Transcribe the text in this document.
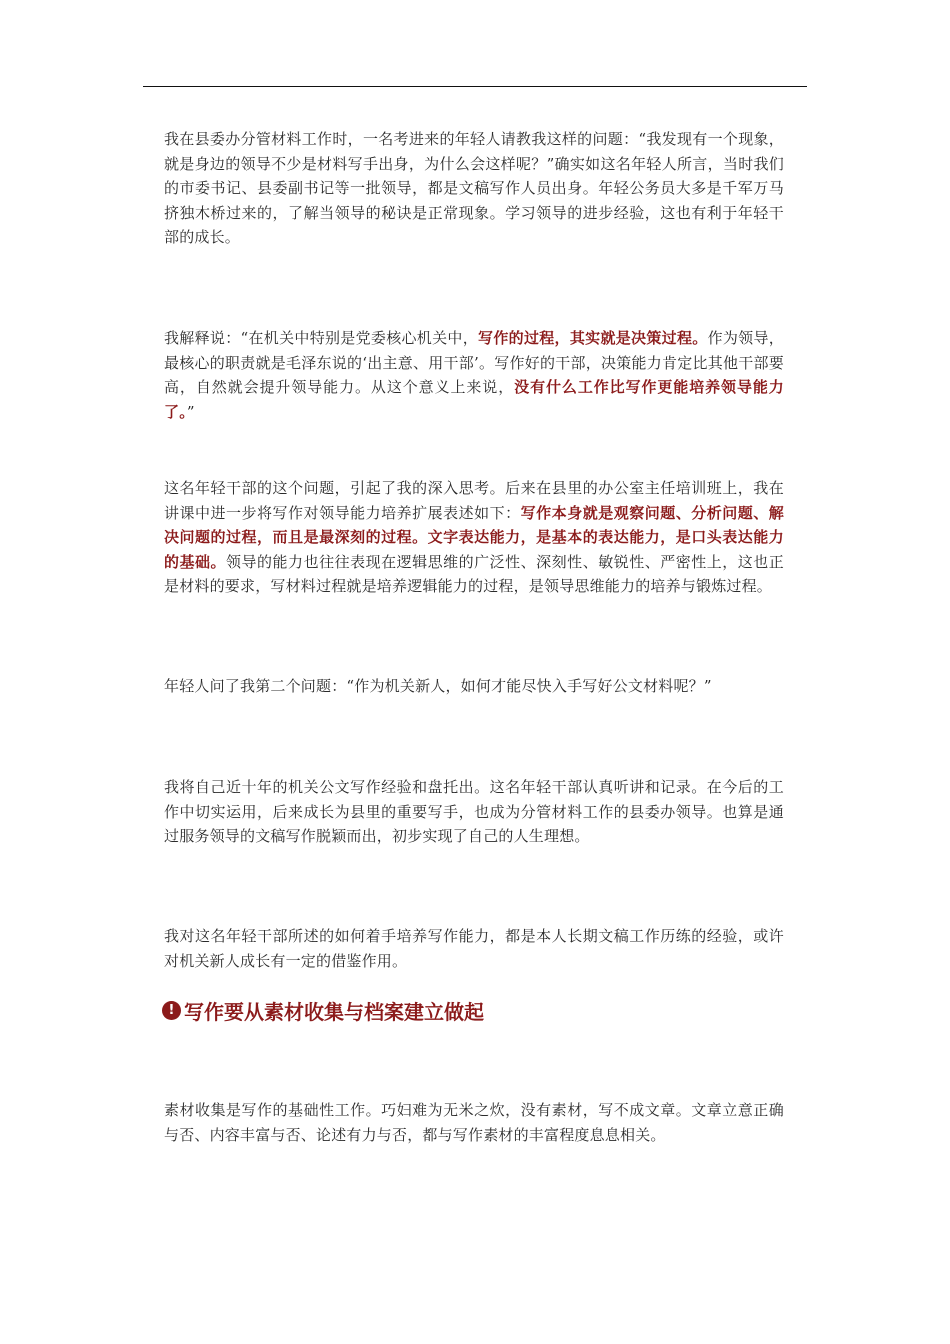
我在县委办分管材料工作时，一名考进来的年轻人请教我这样的问题：“我发现有一个现象，就是身边的领导不少是材料写手出身，为什么会这样呢？”确实如这名年轻人所言，当时我们的市委书记、县委副书记等一批领导，都是文稿写作人员出身。年轻公务员大多是千军万马挤独木桥过来的，了解当领导的秘诀是正常现象。学习领导的进步经验，这也有利于年轻干部的成长。

我解释说：“在机关中特别是党委核心机关中，写作的过程，其实就是决策过程。作为领导，最核心的职责就是毛泽东说的‘出主意、用干部’。写作好的干部，决策能力肯定比其他干部要高，自然就会提升领导能力。从这个意义上来说，没有什么工作比写作更能培养领导能力了。”

这名年轻干部的这个问题，引起了我的深入思考。后来在县里的办公室主任培训班上，我在讲课中进一步将写作对领导能力培养扩展表述如下：写作本身就是观察问题、分析问题、解决问题的过程，而且是最深刻的过程。文字表达能力，是基本的表达能力，是口头表达能力的基础。领导的能力也往往表现在逻辑思维的广泛性、深刻性、敏锐性、严密性上，这也正是材料的要求，写材料过程就是培养逻辑能力的过程，是领导思维能力的培养与锻炼过程。

年轻人问了我第二个问题：“作为机关新人，如何才能尽快入手写好公文材料呢？”

我将自己近十年的机关公文写作经验和盘托出。这名年轻干部认真听讲和记录。在今后的工作中切实运用，后来成长为县里的重要写手，也成为分管材料工作的县委办领导。也算是通过服务领导的文稿写作脱颖而出，初步实现了自己的人生理想。

我对这名年轻干部所述的如何着手培养写作能力，都是本人长期文稿工作历练的经验，或许对机关新人成长有一定的借鉴作用。

! 写作要从素材收集与档案建立做起

素材收集是写作的基础性工作。巧妇难为无米之炊，没有素材，写不成文章。文章立意正确与否、内容丰富与否、论述有力与否，都与写作素材的丰富程度息息相关。
